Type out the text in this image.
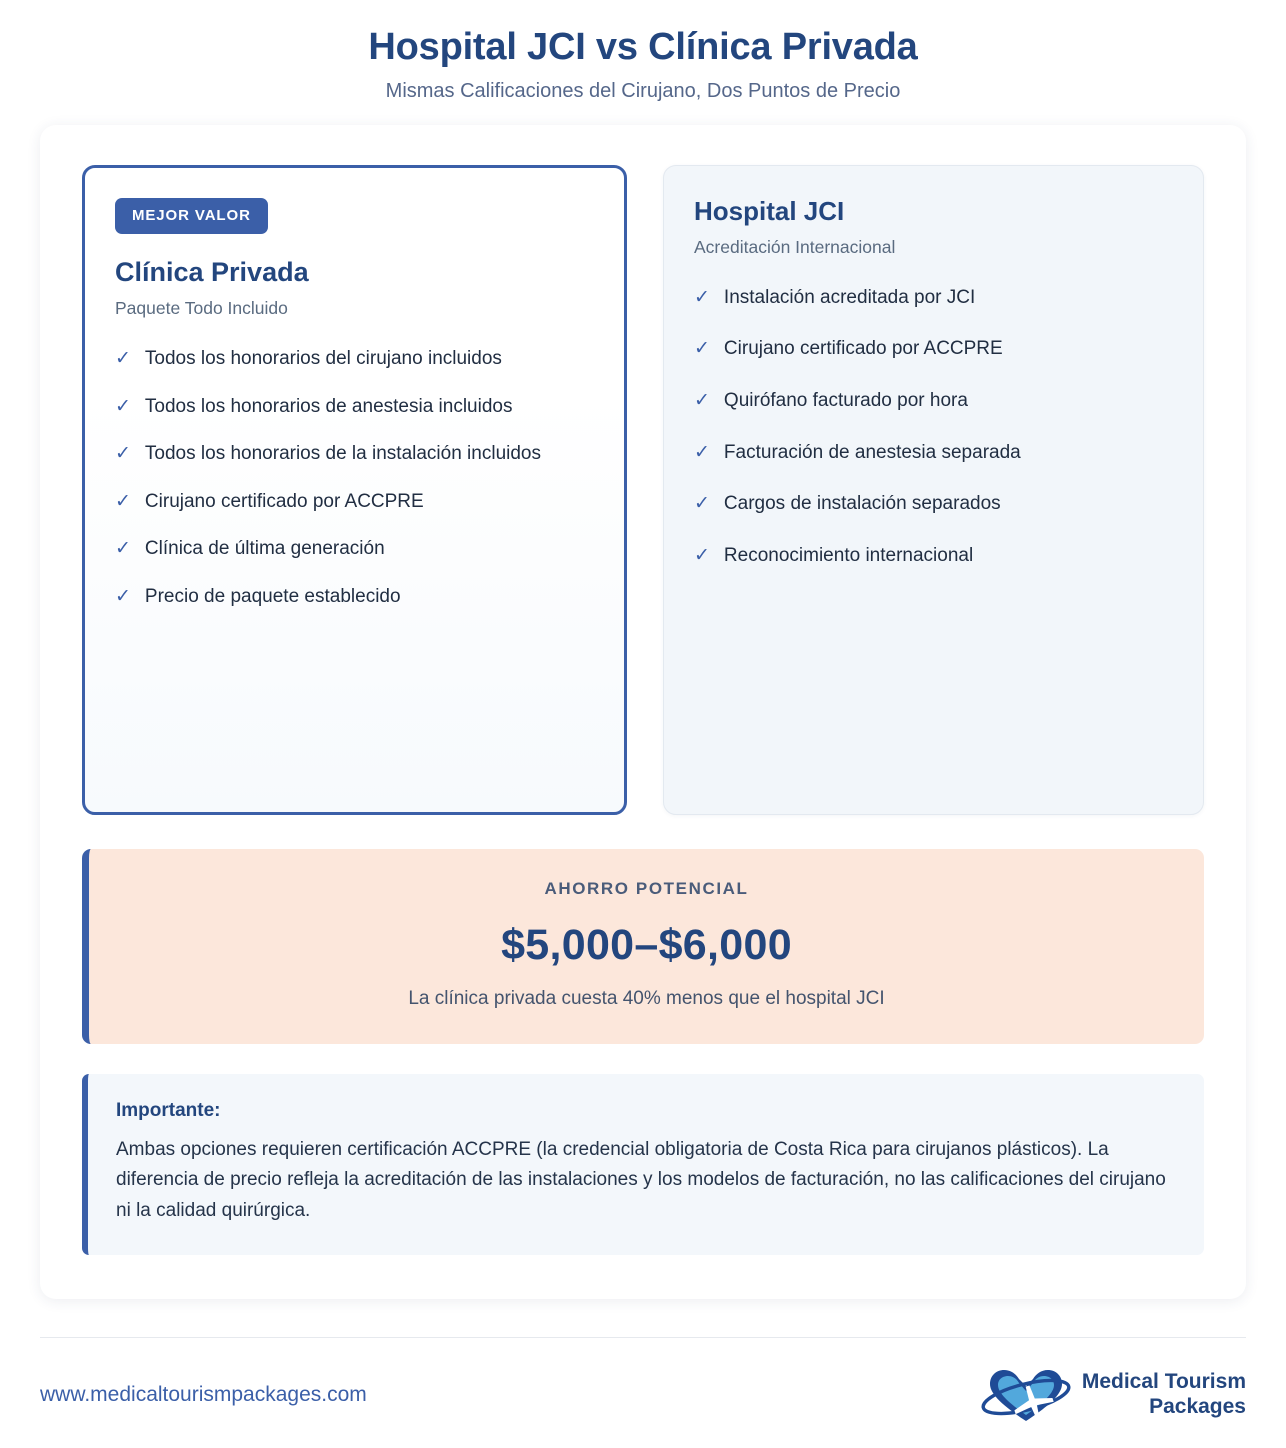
Hospital JCI vs Clínica Privada
Mismas Calificaciones del Cirujano, Dos Puntos de Precio
MEJOR VALOR
Clínica Privada
Paquete Todo Incluido
✓ Todos los honorarios del cirujano incluidos
✓ Todos los honorarios de anestesia incluidos
✓ Todos los honorarios de la instalación incluidos
✓ Cirujano certificado por ACCPRE
✓ Clínica de última generación
✓ Precio de paquete establecido
Hospital JCI
Acreditación Internacional
✓ Instalación acreditada por JCI
✓ Cirujano certificado por ACCPRE
✓ Quirófano facturado por hora
✓ Facturación de anestesia separada
✓ Cargos de instalación separados
✓ Reconocimiento internacional
AHORRO POTENCIAL
$5,000–$6,000
La clínica privada cuesta 40% menos que el hospital JCI
Importante:
Ambas opciones requieren certificación ACCPRE (la credencial obligatoria de Costa Rica para cirujanos plásticos). La diferencia de precio refleja la acreditación de las instalaciones y los modelos de facturación, no las calificaciones del cirujano ni la calidad quirúrgica.
www.medicaltourismpackages.com
Medical Tourism
Packages
